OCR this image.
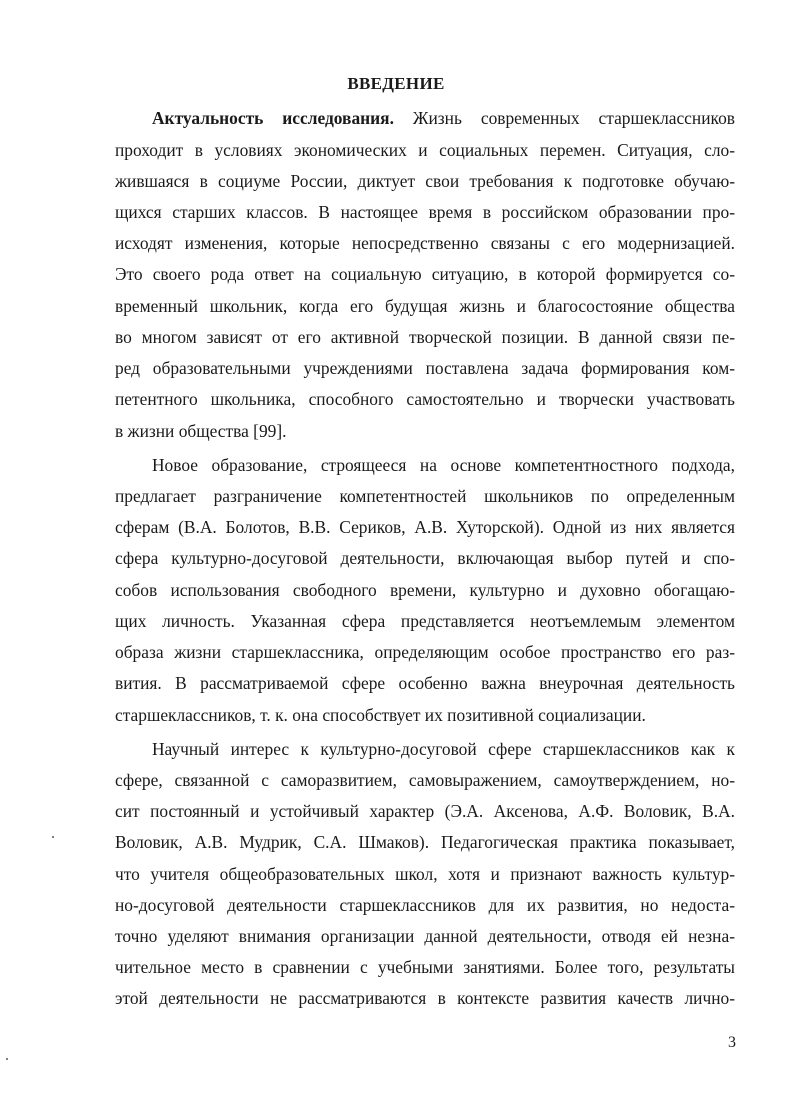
ВВЕДЕНИЕ
Актуальность исследования. Жизнь современных старшеклассников
проходит в условиях экономических и социальных перемен. Ситуация, сло-
жившаяся в социуме России, диктует свои требования к подготовке обучаю-
щихся старших классов. В настоящее время в российском образовании про-
исходят изменения, которые непосредственно связаны с его модернизацией.
Это своего рода ответ на социальную ситуацию, в которой формируется со-
временный школьник, когда его будущая жизнь и благосостояние общества
во многом зависят от его активной творческой позиции. В данной связи пе-
ред образовательными учреждениями поставлена задача формирования ком-
петентного школьника, способного самостоятельно и творчески участвовать
в жизни общества [99].
Новое образование, строящееся на основе компетентностного подхода,
предлагает разграничение компетентностей школьников по определенным
сферам (В.А. Болотов, В.В. Сериков, А.В. Хуторской). Одной из них является
сфера культурно-досуговой деятельности, включающая выбор путей и спо-
собов использования свободного времени, культурно и духовно обогащаю-
щих личность. Указанная сфера представляется неотъемлемым элементом
образа жизни старшеклассника, определяющим особое пространство его раз-
вития. В рассматриваемой сфере особенно важна внеурочная деятельность
старшеклассников, т. к. она способствует их позитивной социализации.
Научный интерес к культурно-досуговой сфере старшеклассников как к
сфере, связанной с саморазвитием, самовыражением, самоутверждением, но-
сит постоянный и устойчивый характер (Э.А. Аксенова, А.Ф. Воловик, В.А.
Воловик, А.В. Мудрик, С.А. Шмаков). Педагогическая практика показывает,
что учителя общеобразовательных школ, хотя и признают важность культур-
но-досуговой деятельности старшеклассников для их развития, но недоста-
точно уделяют внимания организации данной деятельности, отводя ей незна-
чительное место в сравнении с учебными занятиями. Более того, результаты
этой деятельности не рассматриваются в контексте развития качеств лично-
3
